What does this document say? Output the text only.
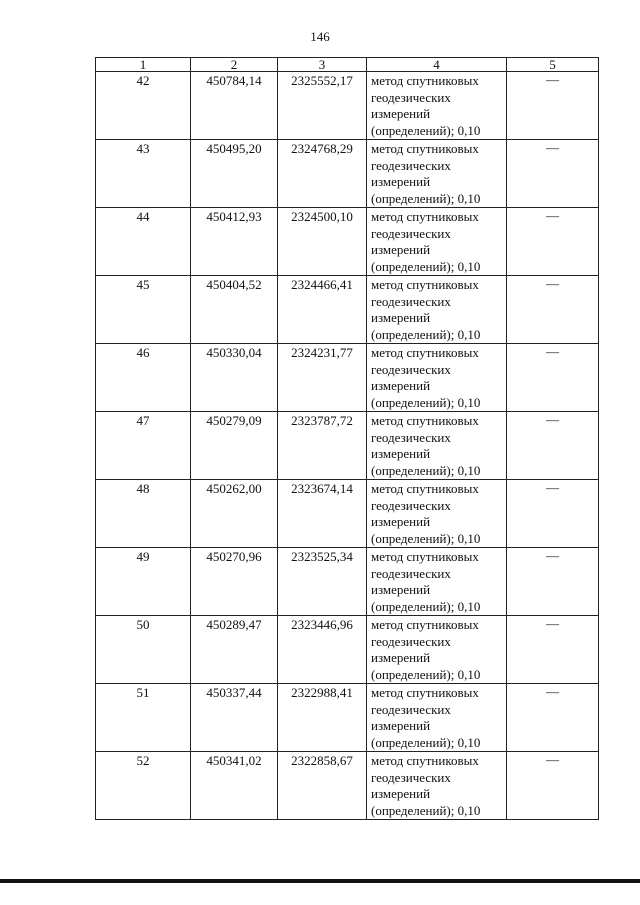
146
1	2	3	4	5
42	450784,14	2325552,17	метод спутниковых
геодезических
измерений
(определений); 0,10	—
43	450495,20	2324768,29	метод спутниковых
геодезических
измерений
(определений); 0,10	—
44	450412,93	2324500,10	метод спутниковых
геодезических
измерений
(определений); 0,10	—
45	450404,52	2324466,41	метод спутниковых
геодезических
измерений
(определений); 0,10	—
46	450330,04	2324231,77	метод спутниковых
геодезических
измерений
(определений); 0,10	—
47	450279,09	2323787,72	метод спутниковых
геодезических
измерений
(определений); 0,10	—
48	450262,00	2323674,14	метод спутниковых
геодезических
измерений
(определений); 0,10	—
49	450270,96	2323525,34	метод спутниковых
геодезических
измерений
(определений); 0,10	—
50	450289,47	2323446,96	метод спутниковых
геодезических
измерений
(определений); 0,10	—
51	450337,44	2322988,41	метод спутниковых
геодезических
измерений
(определений); 0,10	—
52	450341,02	2322858,67	метод спутниковых
геодезических
измерений
(определений); 0,10	—
